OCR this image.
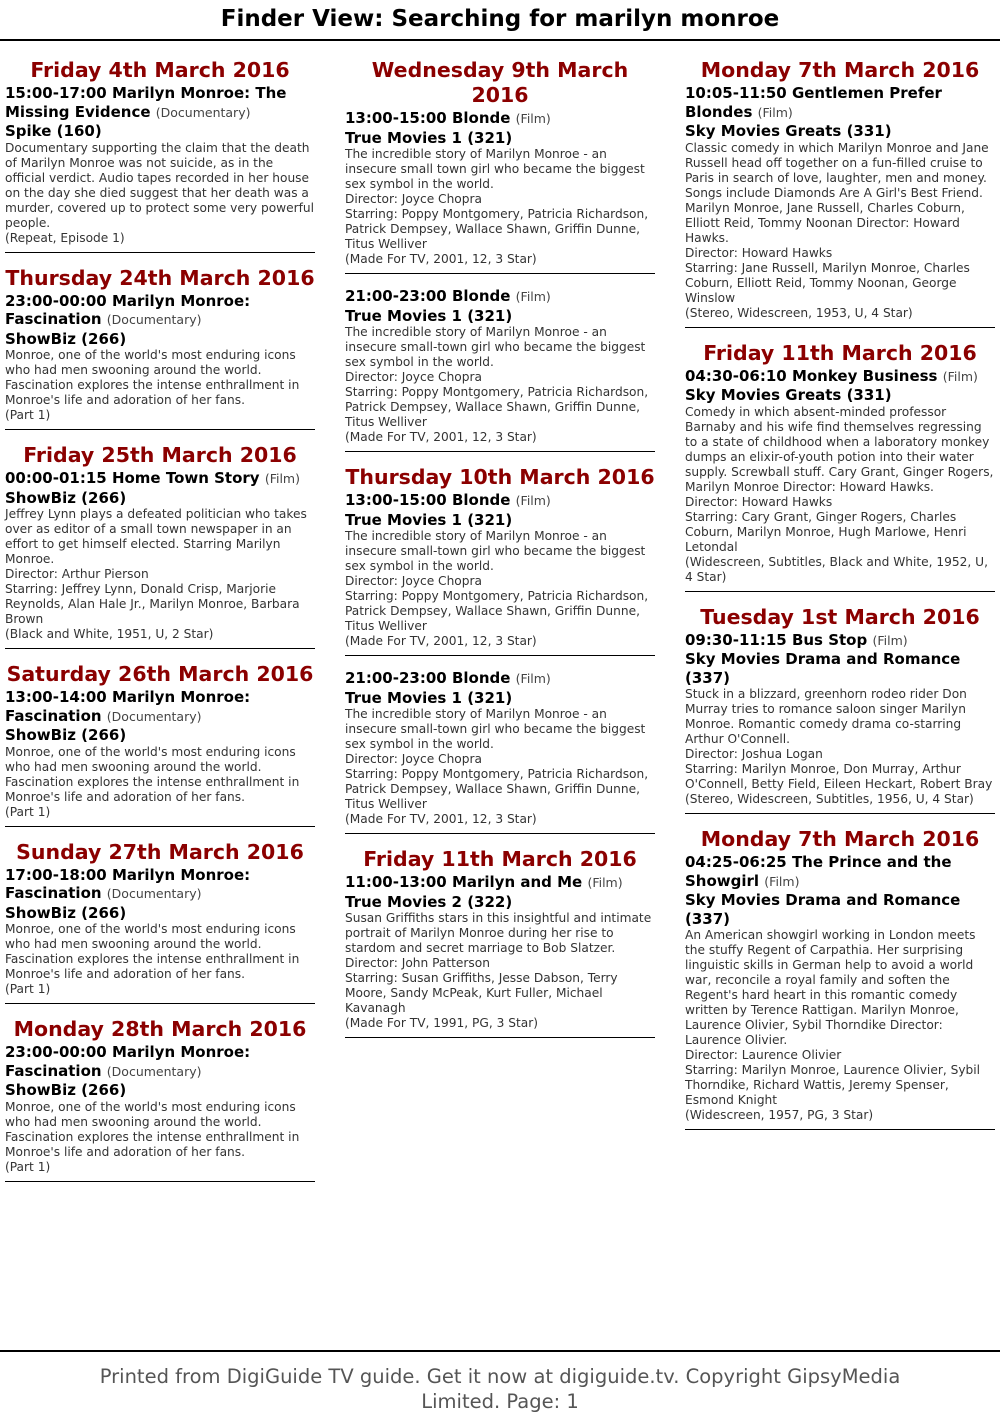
Finder View: Searching for marilyn monroe
Friday 4th March 2016
15:00-17:00 Marilyn Monroe: The Missing Evidence (Documentary)
Spike (160)
Documentary supporting the claim that the death of Marilyn Monroe was not suicide, as in the official verdict. Audio tapes recorded in her house on the day she died suggest that her death was a murder, covered up to protect some very powerful people.
(Repeat, Episode 1)
Thursday 24th March 2016
23:00-00:00 Marilyn Monroe: Fascination (Documentary)
ShowBiz (266)
Monroe, one of the world's most enduring icons who had men swooning around the world. Fascination explores the intense enthrallment in Monroe's life and adoration of her fans.
(Part 1)
Friday 25th March 2016
00:00-01:15 Home Town Story (Film)
ShowBiz (266)
Jeffrey Lynn plays a defeated politician who takes over as editor of a small town newspaper in an effort to get himself elected. Starring Marilyn Monroe.
Director: Arthur Pierson
Starring: Jeffrey Lynn, Donald Crisp, Marjorie Reynolds, Alan Hale Jr., Marilyn Monroe, Barbara Brown
(Black and White, 1951, U, 2 Star)
Saturday 26th March 2016
13:00-14:00 Marilyn Monroe: Fascination (Documentary)
ShowBiz (266)
Monroe, one of the world's most enduring icons who had men swooning around the world. Fascination explores the intense enthrallment in Monroe's life and adoration of her fans.
(Part 1)
Sunday 27th March 2016
17:00-18:00 Marilyn Monroe: Fascination (Documentary)
ShowBiz (266)
Monroe, one of the world's most enduring icons who had men swooning around the world. Fascination explores the intense enthrallment in Monroe's life and adoration of her fans.
(Part 1)
Monday 28th March 2016
23:00-00:00 Marilyn Monroe: Fascination (Documentary)
ShowBiz (266)
Monroe, one of the world's most enduring icons who had men swooning around the world. Fascination explores the intense enthrallment in Monroe's life and adoration of her fans.
(Part 1)
Wednesday 9th March 2016
13:00-15:00 Blonde (Film)
True Movies 1 (321)
The incredible story of Marilyn Monroe - an insecure small town girl who became the biggest sex symbol in the world.
Director: Joyce Chopra
Starring: Poppy Montgomery, Patricia Richardson, Patrick Dempsey, Wallace Shawn, Griffin Dunne, Titus Welliver
(Made For TV, 2001, 12, 3 Star)
21:00-23:00 Blonde (Film)
True Movies 1 (321)
The incredible story of Marilyn Monroe - an insecure small-town girl who became the biggest sex symbol in the world.
Director: Joyce Chopra
Starring: Poppy Montgomery, Patricia Richardson, Patrick Dempsey, Wallace Shawn, Griffin Dunne, Titus Welliver
(Made For TV, 2001, 12, 3 Star)
Thursday 10th March 2016
13:00-15:00 Blonde (Film)
True Movies 1 (321)
The incredible story of Marilyn Monroe - an insecure small-town girl who became the biggest sex symbol in the world.
Director: Joyce Chopra
Starring: Poppy Montgomery, Patricia Richardson, Patrick Dempsey, Wallace Shawn, Griffin Dunne, Titus Welliver
(Made For TV, 2001, 12, 3 Star)
21:00-23:00 Blonde (Film)
True Movies 1 (321)
The incredible story of Marilyn Monroe - an insecure small-town girl who became the biggest sex symbol in the world.
Director: Joyce Chopra
Starring: Poppy Montgomery, Patricia Richardson, Patrick Dempsey, Wallace Shawn, Griffin Dunne, Titus Welliver
(Made For TV, 2001, 12, 3 Star)
Friday 11th March 2016
11:00-13:00 Marilyn and Me (Film)
True Movies 2 (322)
Susan Griffiths stars in this insightful and intimate portrait of Marilyn Monroe during her rise to stardom and secret marriage to Bob Slatzer.
Director: John Patterson
Starring: Susan Griffiths, Jesse Dabson, Terry Moore, Sandy McPeak, Kurt Fuller, Michael Kavanagh
(Made For TV, 1991, PG, 3 Star)
Monday 7th March 2016
10:05-11:50 Gentlemen Prefer Blondes (Film)
Sky Movies Greats (331)
Classic comedy in which Marilyn Monroe and Jane Russell head off together on a fun-filled cruise to Paris in search of love, laughter, men and money. Songs include Diamonds Are A Girl's Best Friend. Marilyn Monroe, Jane Russell, Charles Coburn, Elliott Reid, Tommy Noonan Director: Howard Hawks.
Director: Howard Hawks
Starring: Jane Russell, Marilyn Monroe, Charles Coburn, Elliott Reid, Tommy Noonan, George Winslow
(Stereo, Widescreen, 1953, U, 4 Star)
Friday 11th March 2016
04:30-06:10 Monkey Business (Film)
Sky Movies Greats (331)
Comedy in which absent-minded professor Barnaby and his wife find themselves regressing to a state of childhood when a laboratory monkey dumps an elixir-of-youth potion into their water supply. Screwball stuff. Cary Grant, Ginger Rogers, Marilyn Monroe Director: Howard Hawks.
Director: Howard Hawks
Starring: Cary Grant, Ginger Rogers, Charles Coburn, Marilyn Monroe, Hugh Marlowe, Henri Letondal
(Widescreen, Subtitles, Black and White, 1952, U, 4 Star)
Tuesday 1st March 2016
09:30-11:15 Bus Stop (Film)
Sky Movies Drama and Romance (337)
Stuck in a blizzard, greenhorn rodeo rider Don Murray tries to romance saloon singer Marilyn Monroe. Romantic comedy drama co-starring Arthur O'Connell.
Director: Joshua Logan
Starring: Marilyn Monroe, Don Murray, Arthur O'Connell, Betty Field, Eileen Heckart, Robert Bray
(Stereo, Widescreen, Subtitles, 1956, U, 4 Star)
Monday 7th March 2016
04:25-06:25 The Prince and the Showgirl (Film)
Sky Movies Drama and Romance (337)
An American showgirl working in London meets the stuffy Regent of Carpathia. Her surprising linguistic skills in German help to avoid a world war, reconcile a royal family and soften the Regent's hard heart in this romantic comedy written by Terence Rattigan. Marilyn Monroe, Laurence Olivier, Sybil Thorndike Director: Laurence Olivier.
Director: Laurence Olivier
Starring: Marilyn Monroe, Laurence Olivier, Sybil Thorndike, Richard Wattis, Jeremy Spenser, Esmond Knight
(Widescreen, 1957, PG, 3 Star)
Printed from DigiGuide TV guide. Get it now at digiguide.tv. Copyright GipsyMedia Limited. Page: 1
